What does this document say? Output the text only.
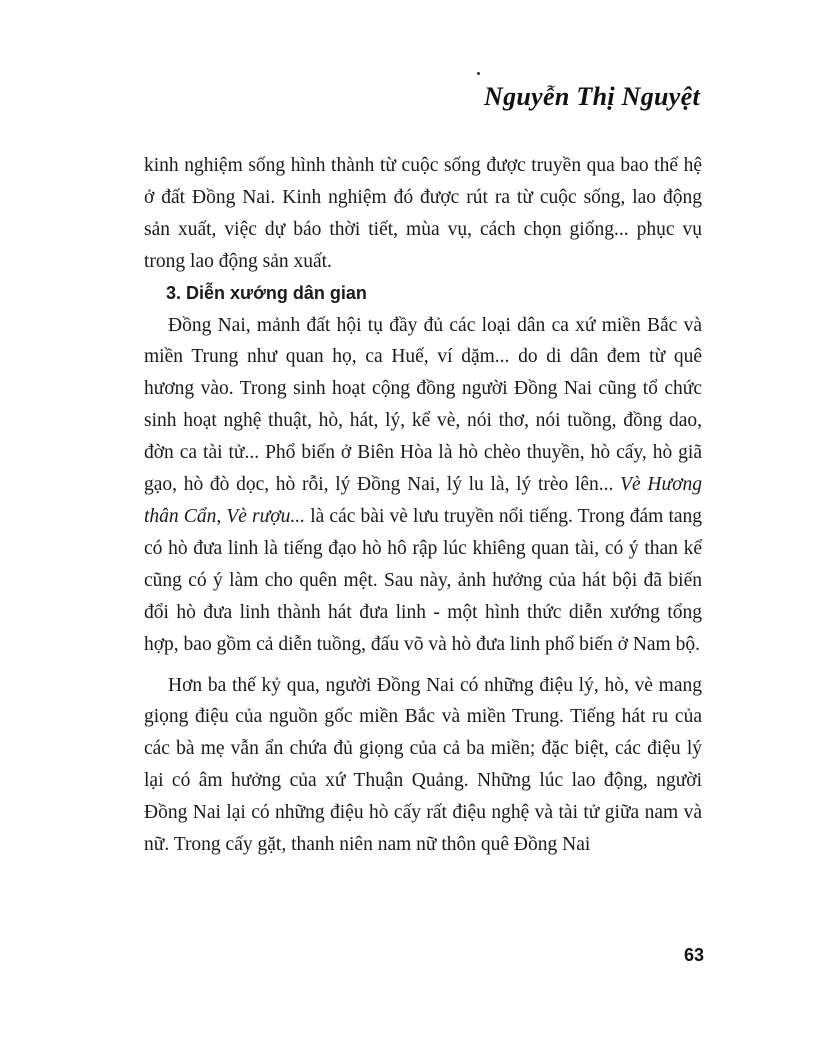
Nguyễn Thị Nguyệt

kinh nghiệm sống hình thành từ cuộc sống được truyền qua bao thế hệ ở đất Đồng Nai. Kinh nghiệm đó được rút ra từ cuộc sống, lao động sản xuất, việc dự báo thời tiết, mùa vụ, cách chọn giống... phục vụ trong lao động sản xuất.

3. Diễn xướng dân gian

Đồng Nai, mảnh đất hội tụ đầy đủ các loại dân ca xứ miền Bắc và miền Trung như quan họ, ca Huế, ví dặm... do di dân đem từ quê hương vào. Trong sinh hoạt cộng đồng người Đồng Nai cũng tổ chức sinh hoạt nghệ thuật, hò, hát, lý, kể vè, nói thơ, nói tuồng, đồng dao, đờn ca tài tử... Phổ biến ở Biên Hòa là hò chèo thuyền, hò cấy, hò giã gạo, hò đò dọc, hò rỗi, lý Đồng Nai, lý lu là, lý trèo lên... Vè Hương thân Cẩn, Vè rượu... là các bài vè lưu truyền nổi tiếng. Trong đám tang có hò đưa linh là tiếng đạo hò hô rập lúc khiêng quan tài, có ý than kể cũng có ý làm cho quên mệt. Sau này, ảnh hưởng của hát bội đã biến đổi hò đưa linh thành hát đưa linh - một hình thức diễn xướng tổng hợp, bao gồm cả diễn tuồng, đấu võ và hò đưa linh phổ biến ở Nam bộ.

Hơn ba thế kỷ qua, người Đồng Nai có những điệu lý, hò, vè mang giọng điệu của nguồn gốc miền Bắc và miền Trung. Tiếng hát ru của các bà mẹ vẫn ẩn chứa đủ giọng của cả ba miền; đặc biệt, các điệu lý lại có âm hưởng của xứ Thuận Quảng. Những lúc lao động, người Đồng Nai lại có những điệu hò cấy rất điệu nghệ và tài tử giữa nam và nữ. Trong cấy gặt, thanh niên nam nữ thôn quê Đồng Nai

63
